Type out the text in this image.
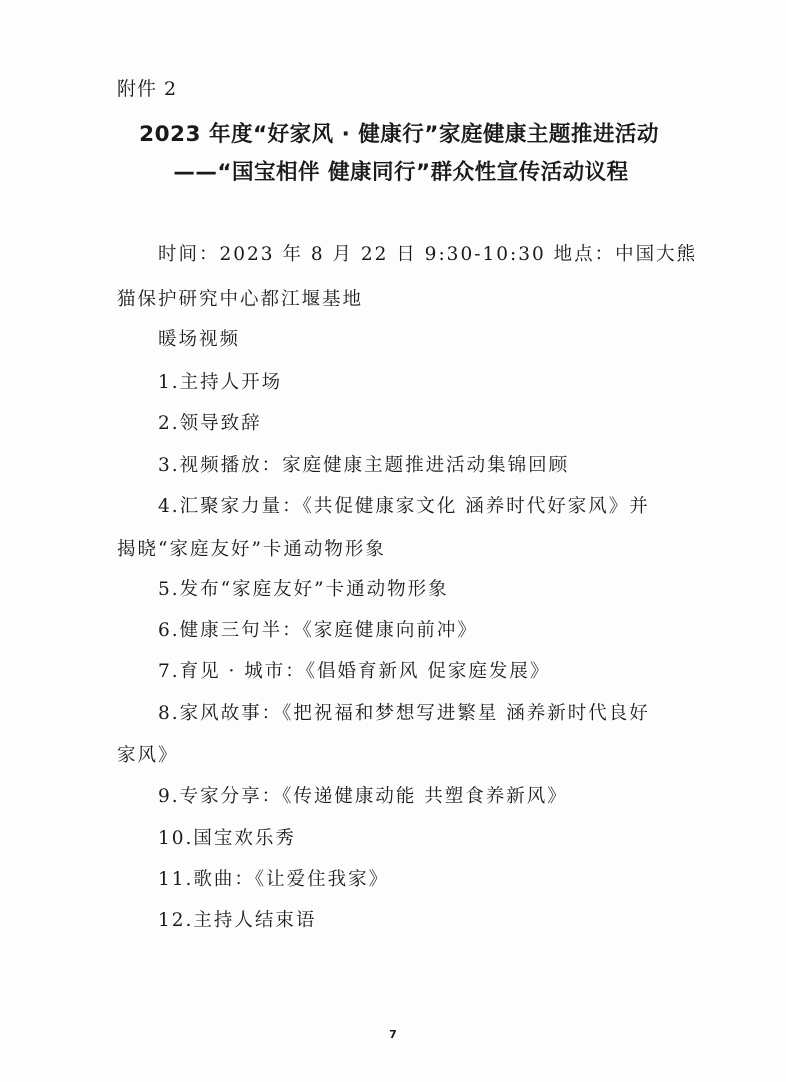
附件 2
2023 年度“好家风 · 健康行”家庭健康主题推进活动
——“国宝相伴 健康同行”群众性宣传活动议程
时间：2023 年 8 月 22 日 9:30-10:30 地点：中国大熊
猫保护研究中心都江堰基地
暖场视频
1.主持人开场
2.领导致辞
3.视频播放：家庭健康主题推进活动集锦回顾
4.汇聚家力量：《共促健康家文化 涵养时代好家风》并
揭晓“家庭友好”卡通动物形象
5.发布“家庭友好”卡通动物形象
6.健康三句半：《家庭健康向前冲》
7.育见 · 城市：《倡婚育新风 促家庭发展》
8.家风故事：《把祝福和梦想写进繁星 涵养新时代良好
家风》
9.专家分享：《传递健康动能 共塑食养新风》
10.国宝欢乐秀
11.歌曲：《让爱住我家》
12.主持人结束语
7
